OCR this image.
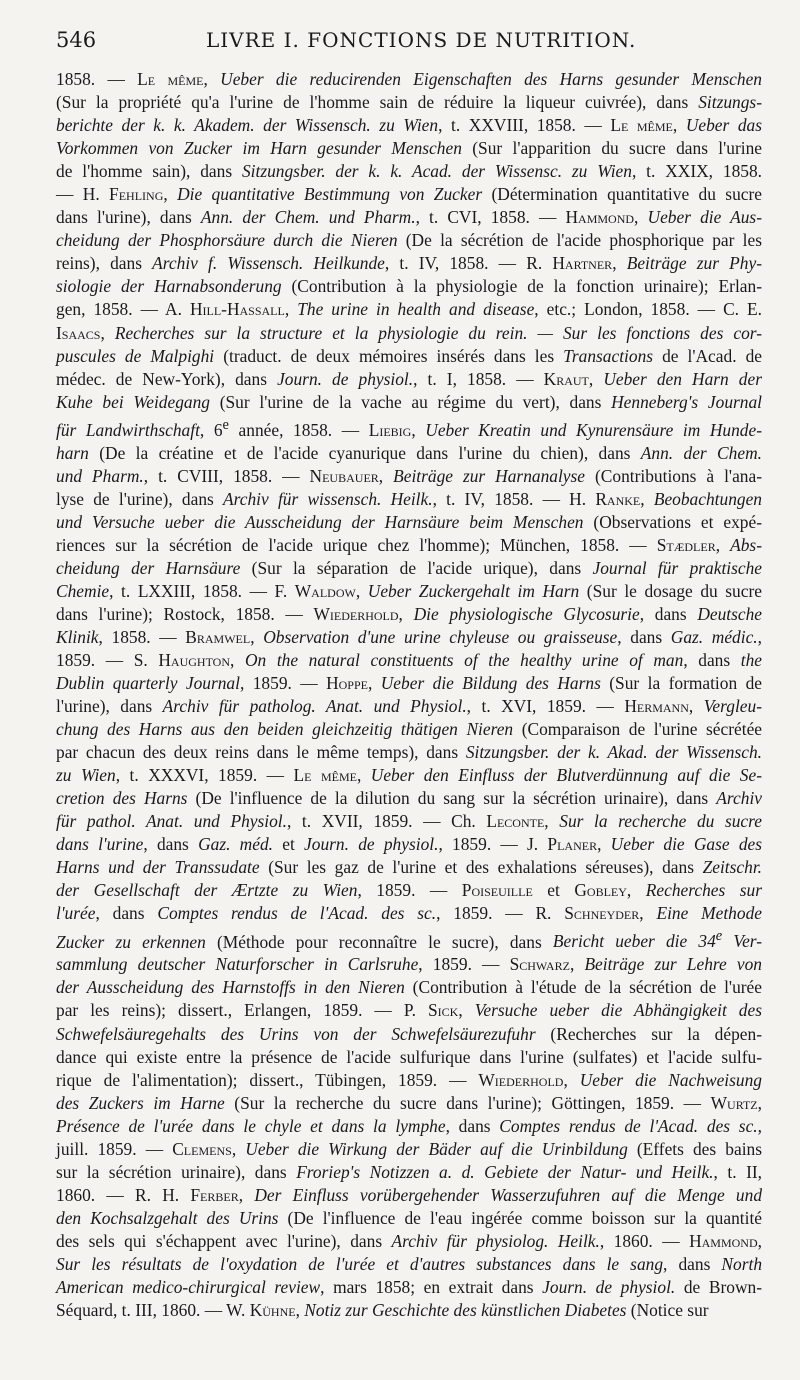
546	LIVRE I. FONCTIONS DE NUTRITION.
1858. — Le même, Ueber die reducirenden Eigenschaften des Harns gesunder Menschen
(Sur la propriété qu'a l'urine de l'homme sain de réduire la liqueur cuivrée), dans Sitzungs-
berichte der k. k. Akadem. der Wissensch. zu Wien, t. XXVIII, 1858. — Le même, Ueber das
Vorkommen von Zucker im Harn gesunder Menschen (Sur l'apparition du sucre dans l'urine
de l'homme sain), dans Sitzungsber. der k. k. Acad. der Wissensc. zu Wien, t. XXIX, 1858.
— H. Fehling, Die quantitative Bestimmung von Zucker (Détermination quantitative du sucre
dans l'urine), dans Ann. der Chem. und Pharm., t. CVI, 1858. — Hammond, Ueber die Aus-
cheidung der Phosphorsäure durch die Nieren (De la sécrétion de l'acide phosphorique par les
reins), dans Archiv f. Wissensch. Heilkunde, t. IV, 1858. — R. Hartner, Beiträge zur Phy-
siologie der Harnabsonderung (Contribution à la physiologie de la fonction urinaire); Erlan-
gen, 1858. — A. Hill-Hassall, The urine in health and disease, etc.; London, 1858. — C. E.
Isaacs, Recherches sur la structure et la physiologie du rein. — Sur les fonctions des cor-
puscules de Malpighi (traduct. de deux mémoires insérés dans les Transactions de l'Acad. de
médec. de New-York), dans Journ. de physiol., t. I, 1858. — Kraut, Ueber den Harn der
Kuhe bei Weidegang (Sur l'urine de la vache au régime du vert), dans Henneberg's Journal
für Landwirthschaft, 6e année, 1858. — Liebig, Ueber Kreatin und Kynurensäure im Hunde-
harn (De la créatine et de l'acide cyanurique dans l'urine du chien), dans Ann. der Chem.
und Pharm., t. CVIII, 1858. — Neubauer, Beiträge zur Harnanalyse (Contributions à l'ana-
lyse de l'urine), dans Archiv für wissensch. Heilk., t. IV, 1858. — H. Ranke, Beobachtungen
und Versuche ueber die Ausscheidung der Harnsäure beim Menschen (Observations et expé-
riences sur la sécrétion de l'acide urique chez l'homme); München, 1858. — Stædler, Abs-
cheidung der Harnsäure (Sur la séparation de l'acide urique), dans Journal für praktische
Chemie, t. LXXIII, 1858. — F. Waldow, Ueber Zuckergehalt im Harn (Sur le dosage du sucre
dans l'urine); Rostock, 1858. — Wiederhold, Die physiologische Glycosurie, dans Deutsche
Klinik, 1858. — Bramwel, Observation d'une urine chyleuse ou graisseuse, dans Gaz. médic.,
1859. — S. Haughton, On the natural constituents of the healthy urine of man, dans the
Dublin quarterly Journal, 1859. — Hoppe, Ueber die Bildung des Harns (Sur la formation de
l'urine), dans Archiv für patholog. Anat. und Physiol., t. XVI, 1859. — Hermann, Vergleи-
chung des Harns aus den beiden gleichzeitig thätigen Nieren (Comparaison de l'urine sécrétée
par chacun des deux reins dans le même temps), dans Sitzungsber. der k. Akad. der Wissensch.
zu Wien, t. XXXVI, 1859. — Le même, Ueber den Einfluss der Blutverdünnung auf die Se-
cretion des Harns (De l'influence de la dilution du sang sur la sécrétion urinaire), dans Archiv
für pathol. Anat. und Physiol., t. XVII, 1859. — Ch. Leconte, Sur la recherche du sucre
dans l'urine, dans Gaz. méd. et Journ. de physiol., 1859. — J. Planer, Ueber die Gase des
Harns und der Transsudate (Sur les gaz de l'urine et des exhalations séreuses), dans Zeitschr.
der Gesellschaft der Ærtzte zu Wien, 1859. — Poiseuille et Gobley, Recherches sur
l'urée, dans Comptes rendus de l'Acad. des sc., 1859. — R. Schneyder, Eine Methode
Zucker zu erkennen (Méthode pour reconnaître le sucre), dans Bericht ueber die 34e Ver-
sammlung deutscher Naturforscher in Carlsruhe, 1859. — Schwarz, Beiträge zur Lehre von
der Ausscheidung des Harnstoffs in den Nieren (Contribution à l'étude de la sécrétion de l'urée
par les reins); dissert., Erlangen, 1859. — P. Sick, Versuche ueber die Abhängigkeit des
Schwefelsäuregehalts des Urins von der Schwefelsäurezufuhr (Recherches sur la dépen-
dance qui existe entre la présence de l'acide sulfurique dans l'urine (sulfates) et l'acide sulfu-
rique de l'alimentation); dissert., Tübingen, 1859. — Wiederhold, Ueber die Nachweisung
des Zuckers im Harne (Sur la recherche du sucre dans l'urine); Göttingen, 1859. — Wurtz,
Présence de l'urée dans le chyle et dans la lymphe, dans Comptes rendus de l'Acad. des sc.,
juill. 1859. — Clemens, Ueber die Wirkung der Bäder auf die Urinbildung (Effets des bains
sur la sécrétion urinaire), dans Froriep's Notizzen a. d. Gebiete der Natur- und Heilk., t. II,
1860. — R. H. Ferber, Der Einfluss vorübergehender Wasserzufuhren auf die Menge und
den Kochsalzgehalt des Urins (De l'influence de l'eau ingérée comme boisson sur la quantité
des sels qui s'échappent avec l'urine), dans Archiv für physiolog. Heilk., 1860. — Hammond,
Sur les résultats de l'oxydation de l'urée et d'autres substances dans le sang, dans North
American medico-chirurgical review, mars 1858; en extrait dans Journ. de physiol. de Brown-
Séquard, t. III, 1860. — W. Kühne, Notiz zur Geschichte des künstlichen Diabetes (Notice sur
